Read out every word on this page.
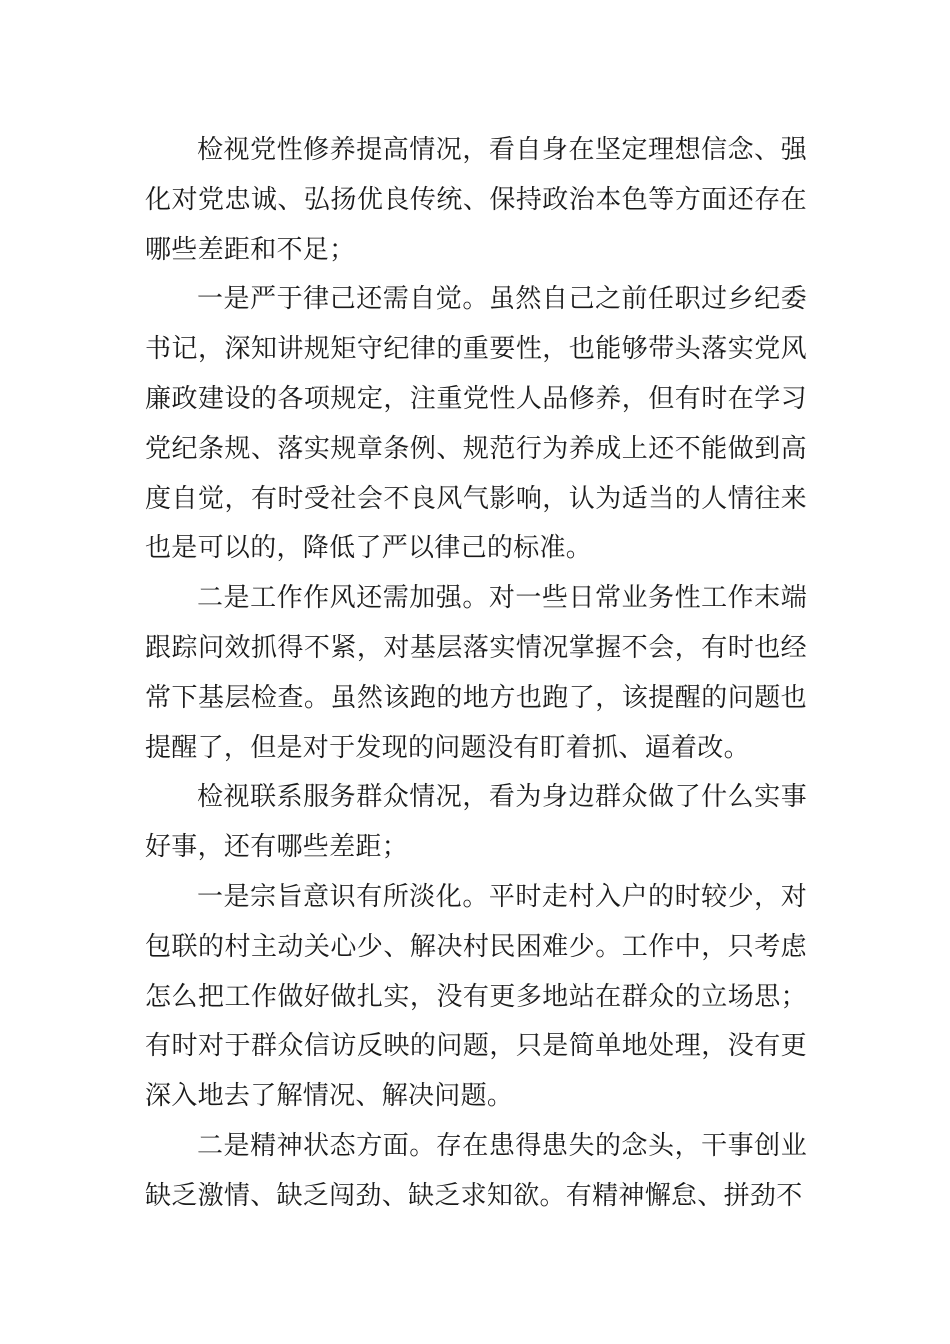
检视党性修养提高情况，看自身在坚定理想信念、强化对党忠诚、弘扬优良传统、保持政治本色等方面还存在哪些差距和不足；

一是严于律己还需自觉。虽然自己之前任职过乡纪委书记，深知讲规矩守纪律的重要性，也能够带头落实党风廉政建设的各项规定，注重党性人品修养，但有时在学习党纪条规、落实规章条例、规范行为养成上还不能做到高度自觉，有时受社会不良风气影响，认为适当的人情往来也是可以的，降低了严以律己的标准。

二是工作作风还需加强。对一些日常业务性工作末端跟踪问效抓得不紧，对基层落实情况掌握不会，有时也经常下基层检查。虽然该跑的地方也跑了，该提醒的问题也提醒了，但是对于发现的问题没有盯着抓、逼着改。

检视联系服务群众情况，看为身边群众做了什么实事好事，还有哪些差距；

一是宗旨意识有所淡化。平时走村入户的时较少，对包联的村主动关心少、解决村民困难少。工作中，只考虑怎么把工作做好做扎实，没有更多地站在群众的立场思；有时对于群众信访反映的问题，只是简单地处理，没有更深入地去了解情况、解决问题。

二是精神状态方面。存在患得患失的念头，干事创业缺乏激情、缺乏闯劲、缺乏求知欲。有精神懈怠、拼劲不
